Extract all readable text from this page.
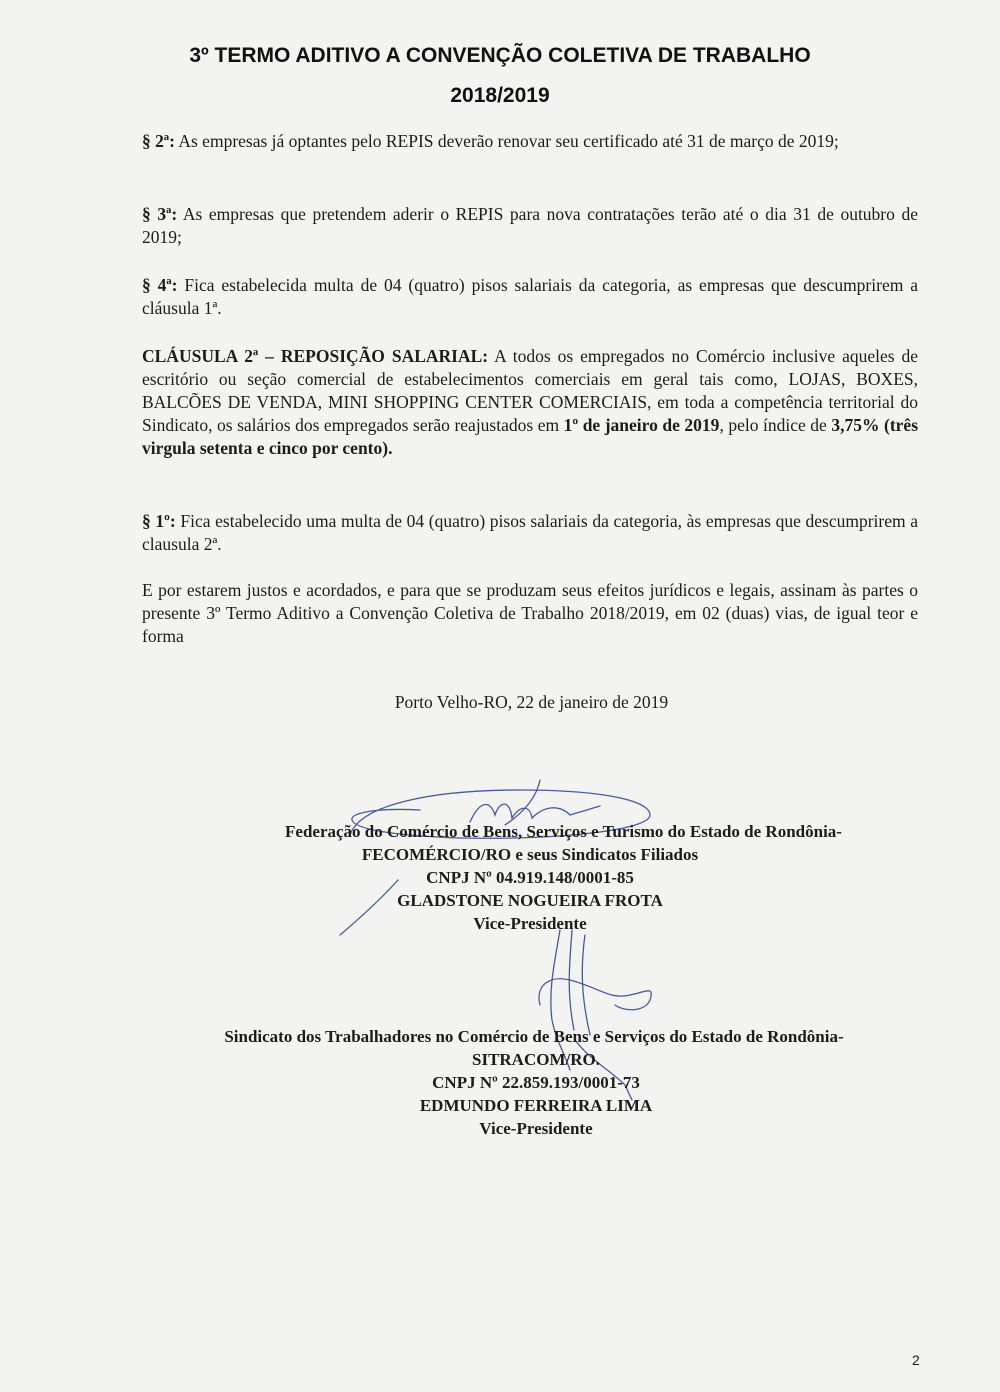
3º TERMO ADITIVO A CONVENÇÃO COLETIVA DE TRABALHO
2018/2019
§ 2ª: As empresas já optantes pelo REPIS deverão renovar seu certificado até 31 de março de 2019;
§ 3ª: As empresas que pretendem aderir o REPIS para nova contratações terão até o dia 31 de outubro de 2019;
§ 4ª: Fica estabelecida multa de 04 (quatro) pisos salariais da categoria, as empresas que descumprirem a cláusula 1ª.
CLÁUSULA 2ª – REPOSIÇÃO SALARIAL: A todos os empregados no Comércio inclusive aqueles de escritório ou seção comercial de estabelecimentos comerciais em geral tais como, LOJAS, BOXES, BALCÕES DE VENDA, MINI SHOPPING CENTER COMERCIAIS, em toda a competência territorial do Sindicato, os salários dos empregados serão reajustados em 1º de janeiro de 2019, pelo índice de 3,75% (três virgula setenta e cinco por cento).
§ 1º: Fica estabelecido uma multa de 04 (quatro) pisos salariais da categoria, às empresas que descumprirem a clausula 2ª.
E por estarem justos e acordados, e para que se produzam seus efeitos jurídicos e legais, assinam às partes o presente 3º Termo Aditivo a Convenção Coletiva de Trabalho 2018/2019, em 02 (duas) vias, de igual teor e forma
Porto Velho-RO, 22 de janeiro de 2019
Federação do Comércio de Bens, Serviços e Turismo do Estado de Rondônia-
FECOMÉRCIO/RO e seus Sindicatos Filiados
CNPJ Nº 04.919.148/0001-85
GLADSTONE NOGUEIRA FROTA
Vice-Presidente
Sindicato dos Trabalhadores no Comércio de Bens e Serviços do Estado de Rondônia-
SITRACOM/RO.
CNPJ Nº 22.859.193/0001-73
EDMUNDO FERREIRA LIMA
Vice-Presidente
2
